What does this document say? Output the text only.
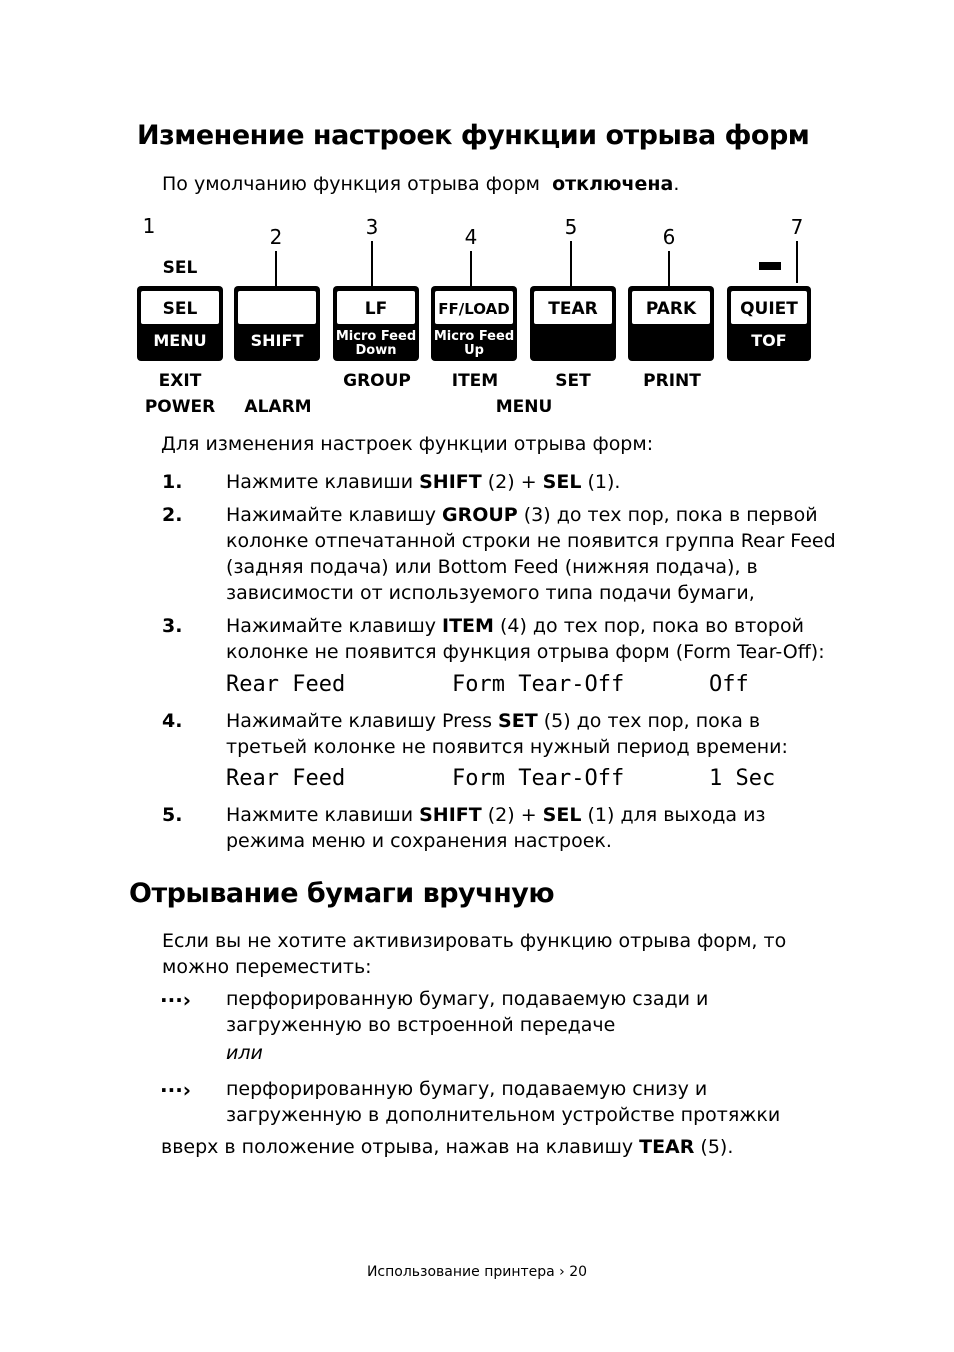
Изменение настроек функции отрыва форм
По умолчанию функция отрыва форм отключена.
1	2	3	4	5	6	7
SEL
SEL
MENU	SHIFT
LF
Micro Feed
Down
FF/LOAD
Micro Feed
Up
TEAR	PARK	QUIET
TOF
EXIT
POWER ALARM
GROUP ITEM	SET	PRINT
MENU
Для изменения настроек функции отрыва форм:
1. Нажмите клавиши SHIFT (2) + SEL (1).
2. Нажимайте клавишу GROUP (3) до тех пор, пока в первой колонке отпечатанной строки не появится группа Rear Feed (задняя подача) или Bottom Feed (нижняя подача), в зависимости от используемого типа подачи бумаги,
3. Нажимайте клавишу ITEM (4) до тех пор, пока во второй колонке не появится функция отрыва форм (Form Tear-Off):
Rear Feed	Form Tear-Off	Off
4. Нажимайте клавишу Press SET (5) до тех пор, пока в третьей колонке не появится нужный период времени:
Rear Feed	Form Tear-Off	1 Sec
5. Нажмите клавиши SHIFT (2) + SEL (1) для выхода из режима меню и сохранения настроек.
Отрывание бумаги вручную
Если вы не хотите активизировать функцию отрыва форм, то можно переместить:
···› перфорированную бумагу, подаваемую сзади и загруженную во встроенной передаче
или
···› перфорированную бумагу, подаваемую снизу и загруженную в дополнительном устройстве протяжки
вверх в положение отрыва, нажав на клавишу TEAR (5).
Использование принтера › 20
